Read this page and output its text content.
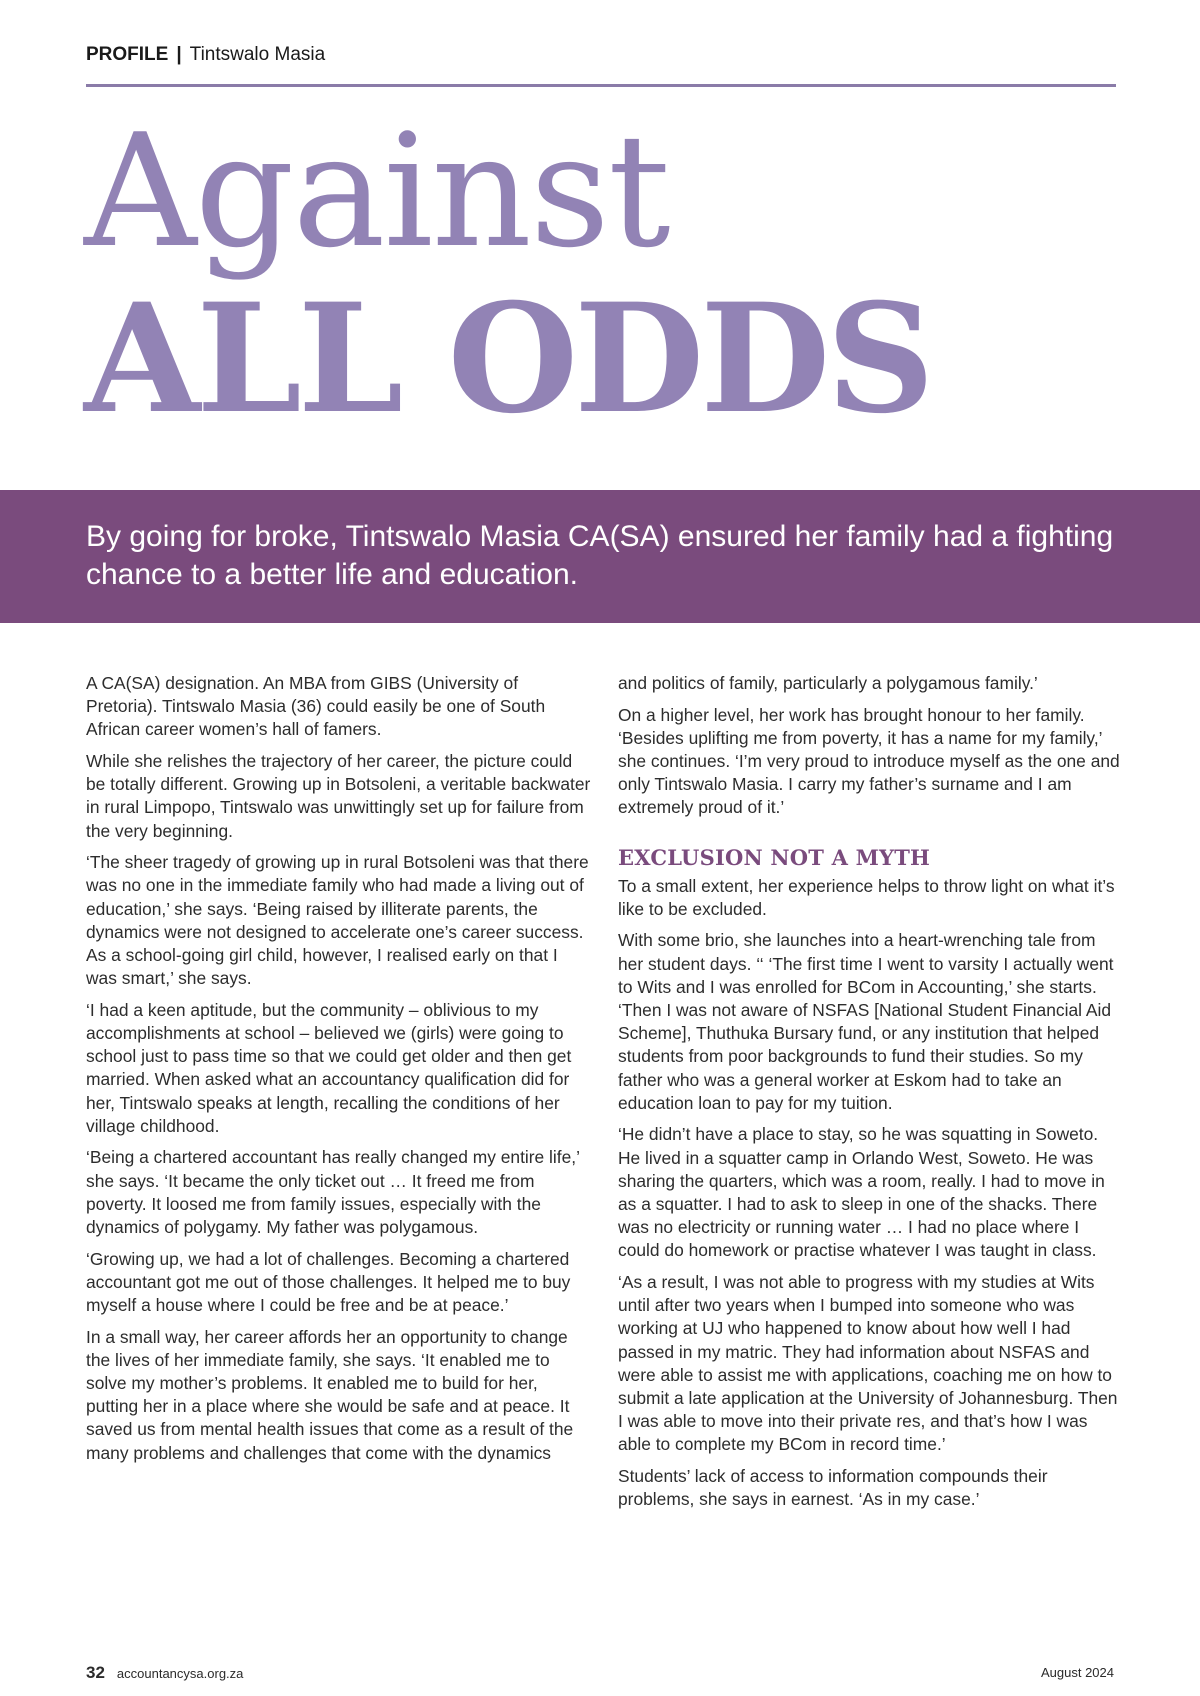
PROFILE | Tintswalo Masia
Against
ALL ODDS

By going for broke, Tintswalo Masia CA(SA) ensured her family had a fighting chance to a better life and education.

A CA(SA) designation. An MBA from GIBS (University of Pretoria). Tintswalo Masia (36) could easily be one of South African career women’s hall of famers.

While she relishes the trajectory of her career, the picture could be totally different. Growing up in Botsoleni, a veritable backwater in rural Limpopo, Tintswalo was unwittingly set up for failure from the very beginning.

‘The sheer tragedy of growing up in rural Botsoleni was that there was no one in the immediate family who had made a living out of education,’ she says. ‘Being raised by illiterate parents, the dynamics were not designed to accelerate one’s career success. As a school-going girl child, however, I realised early on that I was smart,’ she says.

‘I had a keen aptitude, but the community – oblivious to my accomplishments at school – believed we (girls) were going to school just to pass time so that we could get older and then get married. When asked what an accountancy qualification did for her, Tintswalo speaks at length, recalling the conditions of her village childhood.

‘Being a chartered accountant has really changed my entire life,’ she says. ‘It became the only ticket out … It freed me from poverty. It loosed me from family issues, especially with the dynamics of polygamy. My father was polygamous.

‘Growing up, we had a lot of challenges. Becoming a chartered accountant got me out of those challenges. It helped me to buy myself a house where I could be free and be at peace.’

In a small way, her career affords her an opportunity to change the lives of her immediate family, she says. ‘It enabled me to solve my mother’s problems. It enabled me to build for her, putting her in a place where she would be safe and at peace. It saved us from mental health issues that come as a result of the many problems and challenges that come with the dynamics

and politics of family, particularly a polygamous family.’

On a higher level, her work has brought honour to her family. ‘Besides uplifting me from poverty, it has a name for my family,’ she continues. ‘I’m very proud to introduce myself as the one and only Tintswalo Masia. I carry my father’s surname and I am extremely proud of it.’

EXCLUSION NOT A MYTH

To a small extent, her experience helps to throw light on what it’s like to be excluded.

With some brio, she launches into a heart-wrenching tale from her student days. ‘‘ ‘The first time I went to varsity I actually went to Wits and I was enrolled for BCom in Accounting,’ she starts. ‘Then I was not aware of NSFAS [National Student Financial Aid Scheme], Thuthuka Bursary fund, or any institution that helped students from poor backgrounds to fund their studies. So my father who was a general worker at Eskom had to take an education loan to pay for my tuition.

‘He didn’t have a place to stay, so he was squatting in Soweto. He lived in a squatter camp in Orlando West, Soweto. He was sharing the quarters, which was a room, really. I had to move in as a squatter. I had to ask to sleep in one of the shacks. There was no electricity or running water … I had no place where I could do homework or practise whatever I was taught in class.

‘As a result, I was not able to progress with my studies at Wits until after two years when I bumped into someone who was working at UJ who happened to know about how well I had passed in my matric. They had information about NSFAS and were able to assist me with applications, coaching me on how to submit a late application at the University of Johannesburg. Then I was able to move into their private res, and that’s how I was able to complete my BCom in record time.’

Students’ lack of access to information compounds their problems, she says in earnest. ‘As in my case.’

32 accountancysa.org.za	August 2024
